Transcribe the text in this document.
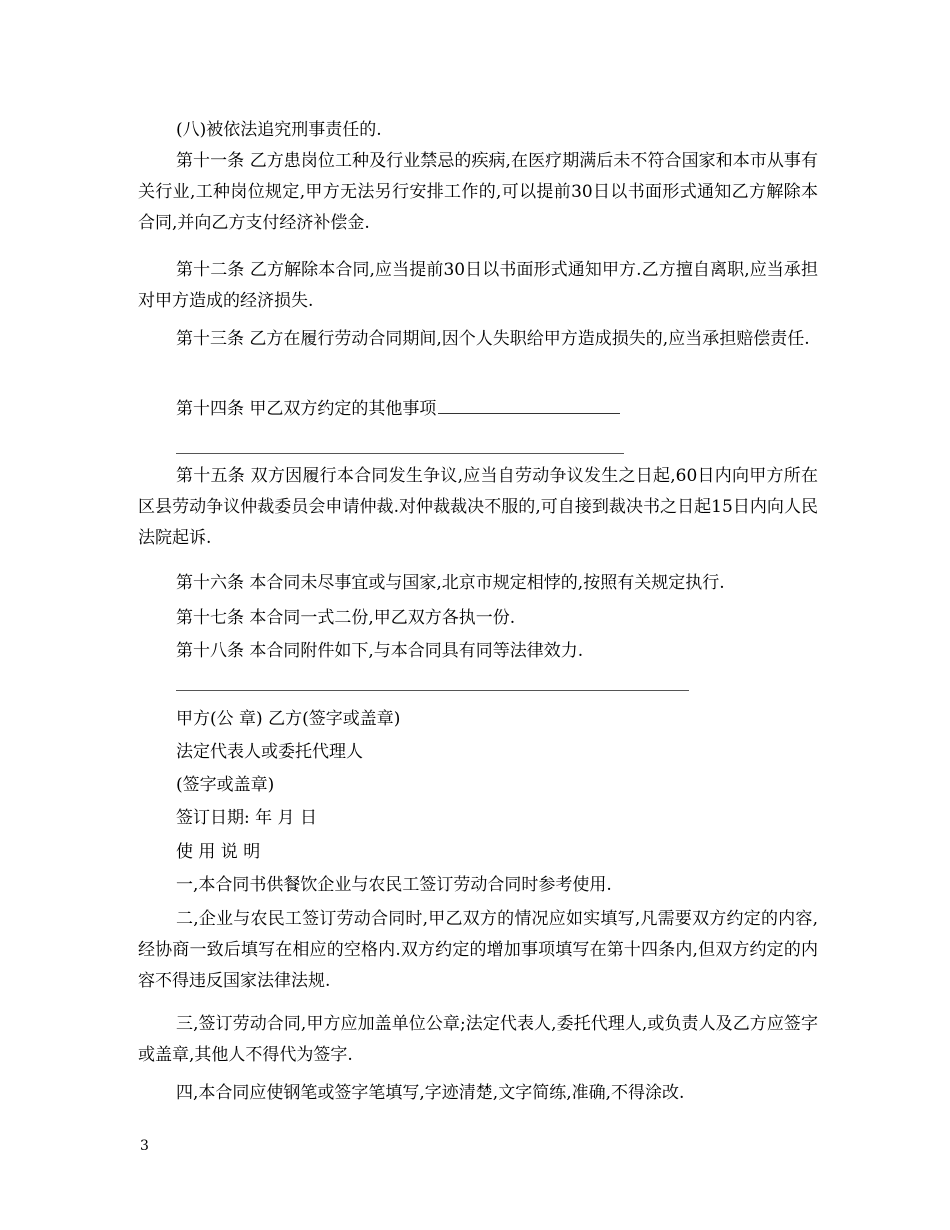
(八)被依法追究刑事责任的.

第十一条 乙方患岗位工种及行业禁忌的疾病,在医疗期满后未不符合国家和本市从事有关行业,工种岗位规定,甲方无法另行安排工作的,可以提前30日以书面形式通知乙方解除本合同,并向乙方支付经济补偿金.

第十二条 乙方解除本合同,应当提前30日以书面形式通知甲方.乙方擅自离职,应当承担对甲方造成的经济损失.

第十三条 乙方在履行劳动合同期间,因个人失职给甲方造成损失的,应当承担赔偿责任.

第十四条 甲乙双方约定的其他事项

第十五条 双方因履行本合同发生争议,应当自劳动争议发生之日起,60日内向甲方所在区县劳动争议仲裁委员会申请仲裁.对仲裁裁决不服的,可自接到裁决书之日起15日内向人民法院起诉.

第十六条 本合同未尽事宜或与国家,北京市规定相悖的,按照有关规定执行.

第十七条 本合同一式二份,甲乙双方各执一份.

第十八条 本合同附件如下,与本合同具有同等法律效力.

甲方(公 章) 乙方(签字或盖章)

法定代表人或委托代理人

(签字或盖章)

签订日期: 年 月 日

使 用 说 明

一,本合同书供餐饮企业与农民工签订劳动合同时参考使用.

二,企业与农民工签订劳动合同时,甲乙双方的情况应如实填写,凡需要双方约定的内容,经协商一致后填写在相应的空格内.双方约定的增加事项填写在第十四条内,但双方约定的内容不得违反国家法律法规.

三,签订劳动合同,甲方应加盖单位公章;法定代表人,委托代理人,或负责人及乙方应签字或盖章,其他人不得代为签字.

四,本合同应使钢笔或签字笔填写,字迹清楚,文字简练,准确,不得涂改.

3
